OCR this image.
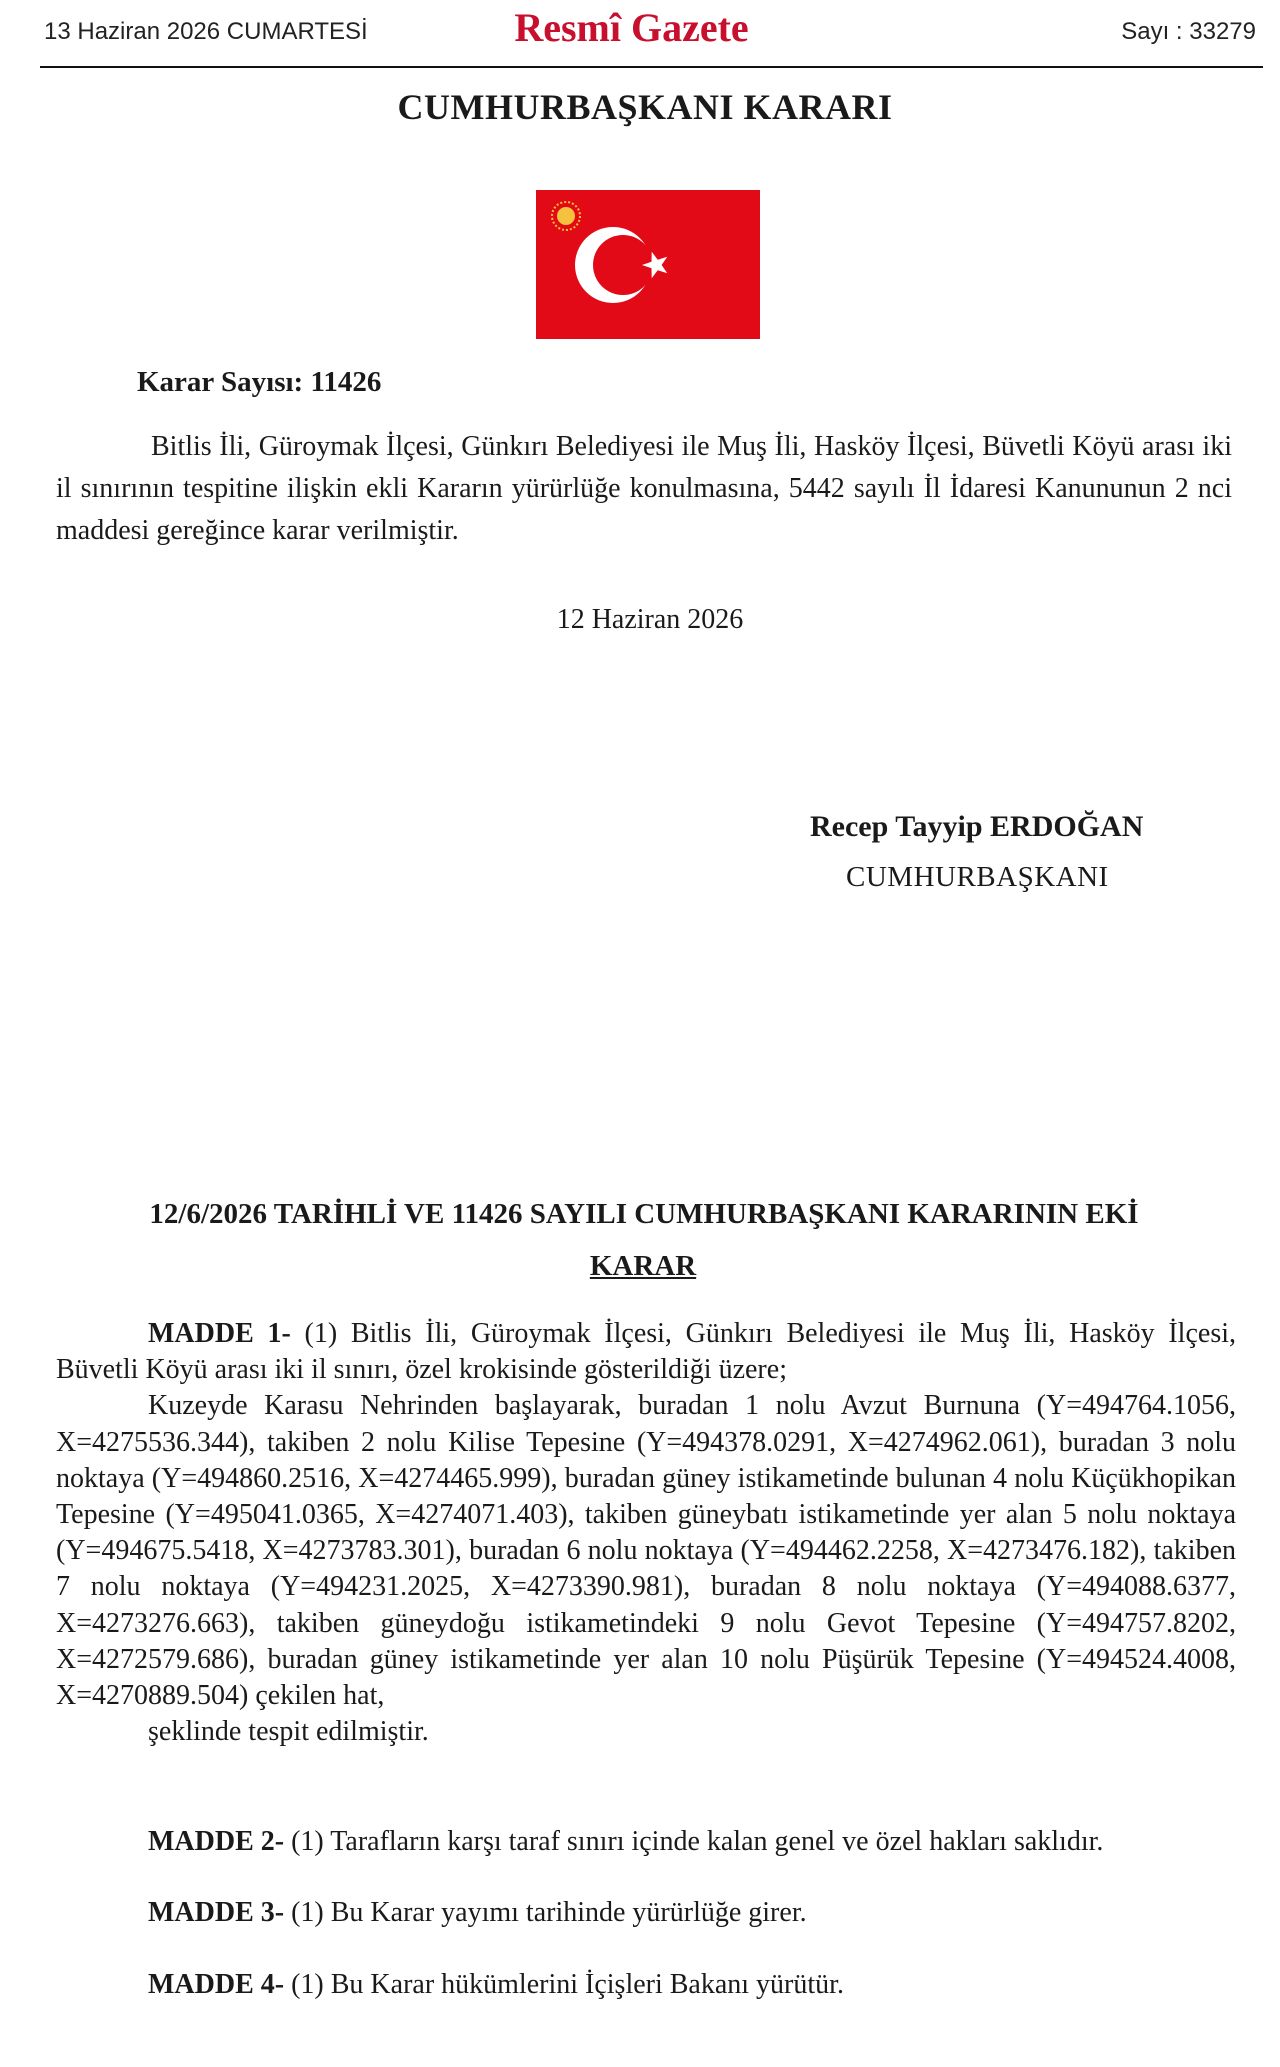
13 Haziran 2026 CUMARTESİ	Resmî Gazete	Sayı : 33279
CUMHURBAŞKANI KARARI
Karar Sayısı: 11426
Bitlis İli, Güroymak İlçesi, Günkırı Belediyesi ile Muş İli, Hasköy İlçesi, Büvetli Köyü arası iki il sınırının tespitine ilişkin ekli Kararın yürürlüğe konulmasına, 5442 sayılı İl İdaresi Kanununun 2 nci maddesi gereğince karar verilmiştir.
12 Haziran 2026
Recep Tayyip ERDOĞAN
CUMHURBAŞKANI
12/6/2026 TARİHLİ VE 11426 SAYILI CUMHURBAŞKANI KARARININ EKİ
KARAR
MADDE 1- (1) Bitlis İli, Güroymak İlçesi, Günkırı Belediyesi ile Muş İli, Hasköy İlçesi, Büvetli Köyü arası iki il sınırı, özel krokisinde gösterildiği üzere;
Kuzeyde Karasu Nehrinden başlayarak, buradan 1 nolu Avzut Burnuna (Y=494764.1056, X=4275536.344), takiben 2 nolu Kilise Tepesine (Y=494378.0291, X=4274962.061), buradan 3 nolu noktaya (Y=494860.2516, X=4274465.999), buradan güney istikametinde bulunan 4 nolu Küçükhopikan Tepesine (Y=495041.0365, X=4274071.403), takiben güneybatı istikametinde yer alan 5 nolu noktaya (Y=494675.5418, X=4273783.301), buradan 6 nolu noktaya (Y=494462.2258, X=4273476.182), takiben 7 nolu noktaya (Y=494231.2025, X=4273390.981), buradan 8 nolu noktaya (Y=494088.6377, X=4273276.663), takiben güneydoğu istikametindeki 9 nolu Gevot Tepesine (Y=494757.8202, X=4272579.686), buradan güney istikametinde yer alan 10 nolu Püşürük Tepesine (Y=494524.4008, X=4270889.504) çekilen hat,
şeklinde tespit edilmiştir.
MADDE 2- (1) Tarafların karşı taraf sınırı içinde kalan genel ve özel hakları saklıdır.
MADDE 3- (1) Bu Karar yayımı tarihinde yürürlüğe girer.
MADDE 4- (1) Bu Karar hükümlerini İçişleri Bakanı yürütür.
